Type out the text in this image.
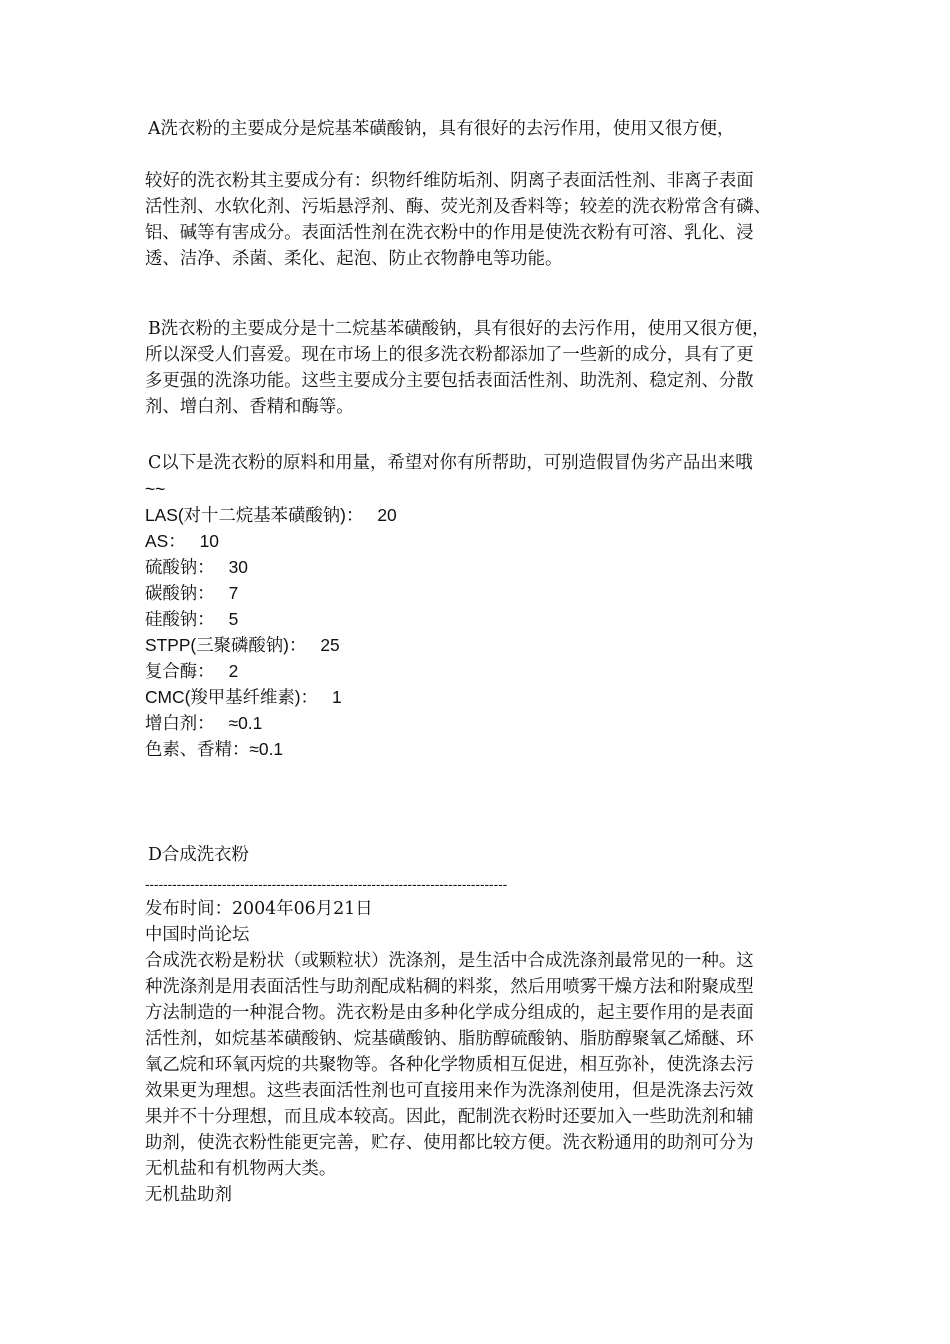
A洗衣粉的主要成分是烷基苯磺酸钠，具有很好的去污作用，使用又很方便，
较好的洗衣粉其主要成分有：织物纤维防垢剂、阴离子表面活性剂、非离子表面
活性剂、水软化剂、污垢悬浮剂、酶、荧光剂及香料等；较差的洗衣粉常含有磷、
铝、碱等有害成分。表面活性剂在洗衣粉中的作用是使洗衣粉有可溶、乳化、浸
透、洁净、杀菌、柔化、起泡、防止衣物静电等功能。
B洗衣粉的主要成分是十二烷基苯磺酸钠，具有很好的去污作用，使用又很方便，
所以深受人们喜爱。现在市场上的很多洗衣粉都添加了一些新的成分，具有了更
多更强的洗涤功能。这些主要成分主要包括表面活性剂、助洗剂、稳定剂、分散
剂、增白剂、香精和酶等。
C以下是洗衣粉的原料和用量，希望对你有所帮助，可别造假冒伪劣产品出来哦
~~
LAS(对十二烷基苯磺酸钠)： 20
AS： 10
硫酸钠： 30
碳酸钠： 7
硅酸钠： 5
STPP(三聚磷酸钠)： 25
复合酶： 2
CMC(羧甲基纤维素)： 1
增白剂： ≈0.1
色素、香精：≈0.1
D合成洗衣粉
--------------------------------------------------------------------------------
发布时间：2004年06月21日
中国时尚论坛
合成洗衣粉是粉状（或颗粒状）洗涤剂，是生活中合成洗涤剂最常见的一种。这
种洗涤剂是用表面活性与助剂配成粘稠的料浆，然后用喷雾干燥方法和附聚成型
方法制造的一种混合物。洗衣粉是由多种化学成分组成的，起主要作用的是表面
活性剂，如烷基苯磺酸钠、烷基磺酸钠、脂肪醇硫酸钠、脂肪醇聚氧乙烯醚、环
氧乙烷和环氧丙烷的共聚物等。各种化学物质相互促进，相互弥补，使洗涤去污
效果更为理想。这些表面活性剂也可直接用来作为洗涤剂使用，但是洗涤去污效
果并不十分理想，而且成本较高。因此，配制洗衣粉时还要加入一些助洗剂和辅
助剂，使洗衣粉性能更完善，贮存、使用都比较方便。洗衣粉通用的助剂可分为
无机盐和有机物两大类。
无机盐助剂
